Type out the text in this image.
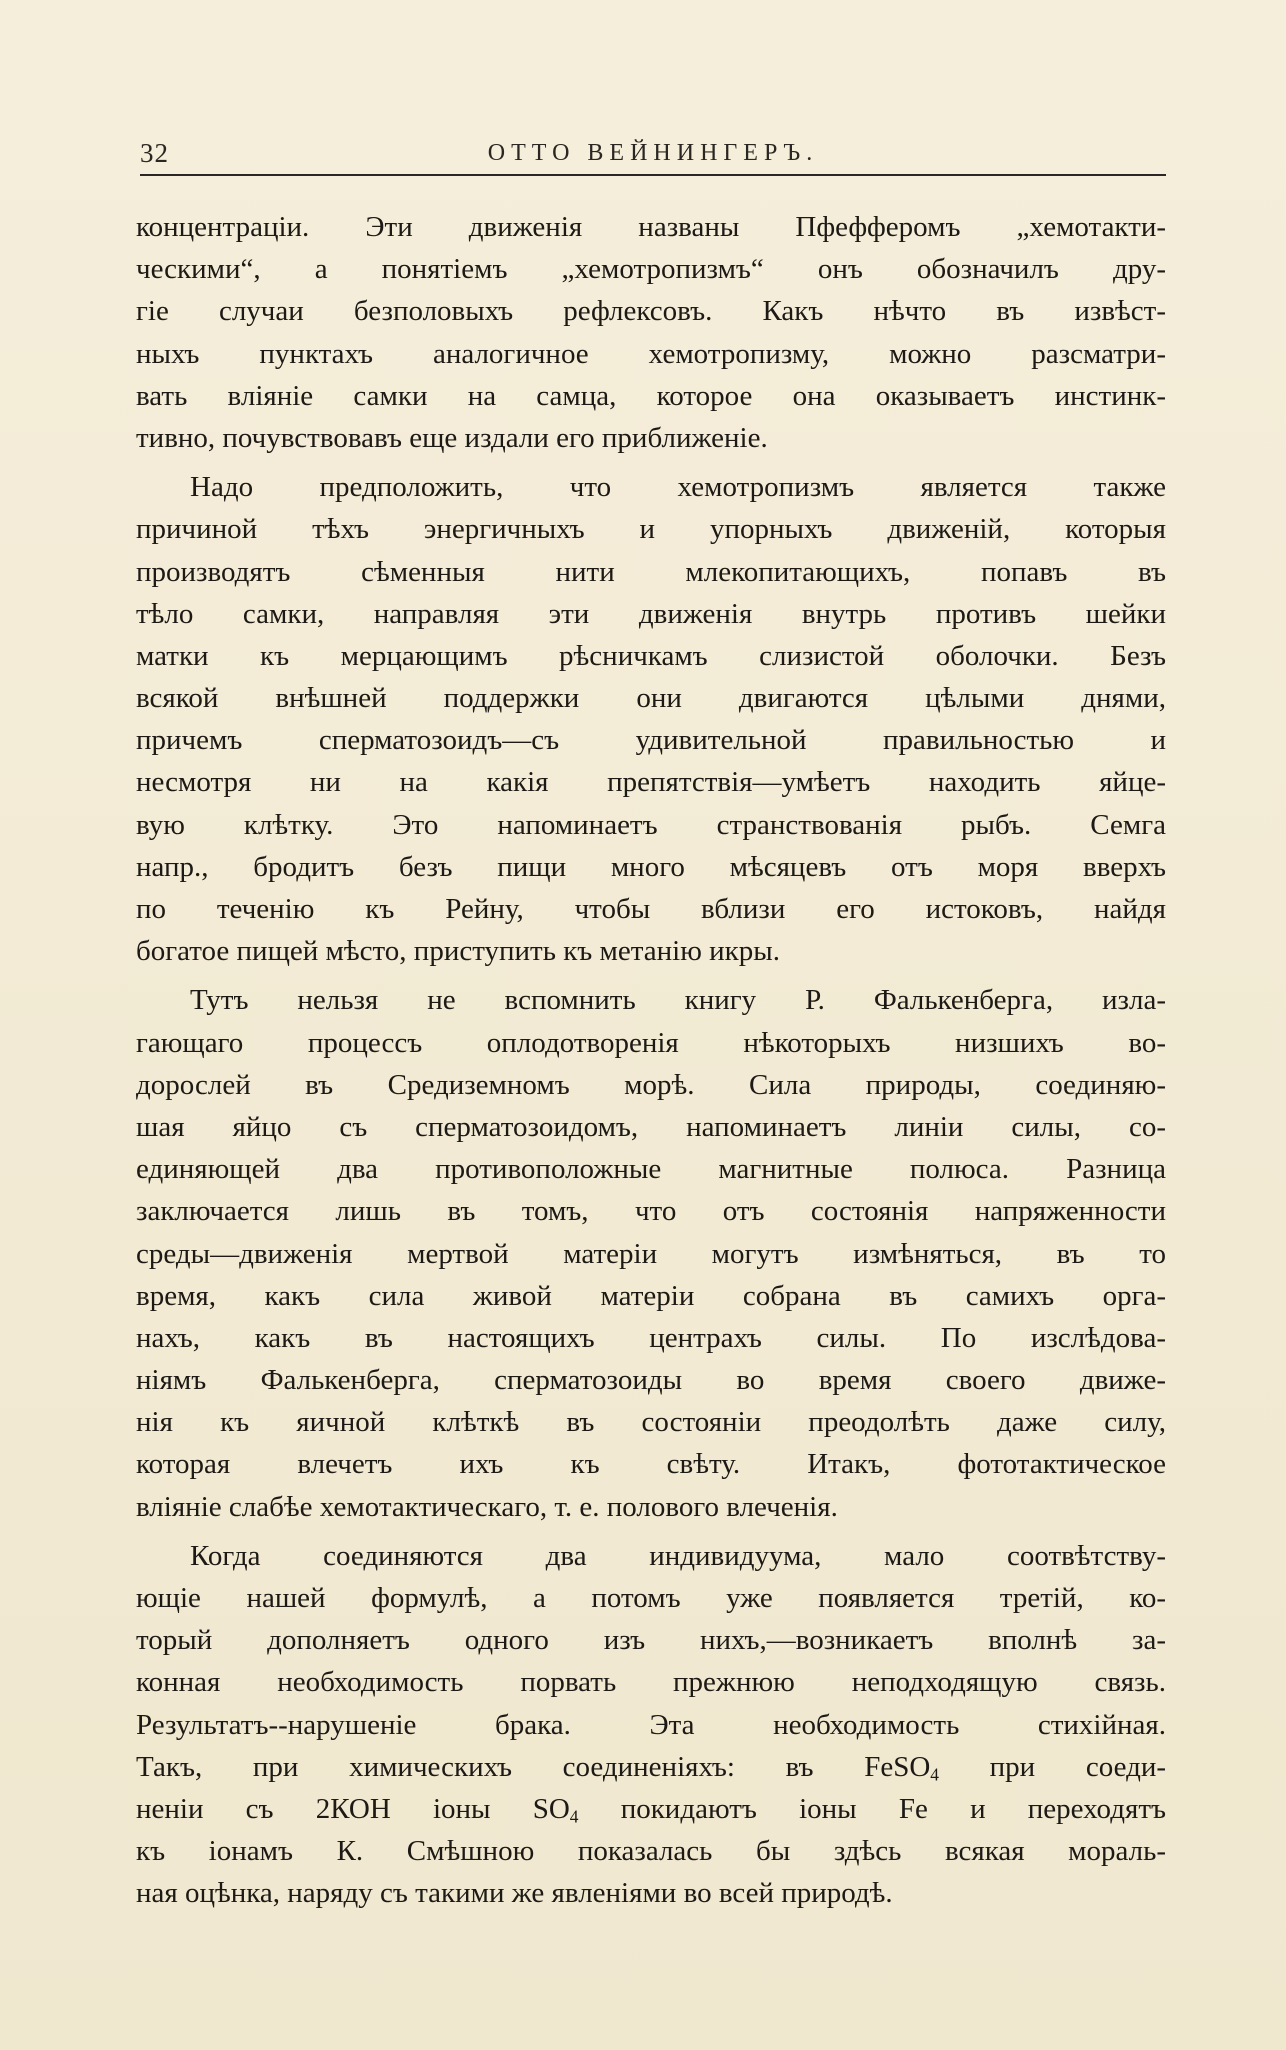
32	ОТТО ВЕЙНИНГЕРЪ.
концентраціи. Эти движенія названы Пфефферомъ „хемотакти-
ческими“, а понятіемъ „хемотропизмъ“ онъ обозначилъ дру-
гіе случаи безполовыхъ рефлексовъ. Какъ нѣчто въ извѣст-
ныхъ пунктахъ аналогичное хемотропизму, можно разсматри-
вать вліяніе самки на самца, которое она оказываетъ инстинк-
тивно, почувствовавъ еще издали его приближеніе.
Надо предположить, что хемотропизмъ является также
причиной тѣхъ энергичныхъ и упорныхъ движеній, которыя
производятъ сѣменныя нити млекопитающихъ, попавъ въ
тѣло самки, направляя эти движенія внутрь противъ шейки
матки къ мерцающимъ рѣсничкамъ слизистой оболочки. Безъ
всякой внѣшней поддержки они двигаются цѣлыми днями,
причемъ сперматозоидъ—съ удивительной правильностью и
несмотря ни на какія препятствія—умѣетъ находить яйце-
вую клѣтку. Это напоминаетъ странствованія рыбъ. Семга
напр., бродитъ безъ пищи много мѣсяцевъ отъ моря вверхъ
по теченію къ Рейну, чтобы вблизи его истоковъ, найдя
богатое пищей мѣсто, приступить къ метанію икры.
Тутъ нельзя не вспомнить книгу Р. Фалькенберга, изла-
гающаго процессъ оплодотворенія нѣкоторыхъ низшихъ во-
дорослей въ Средиземномъ морѣ. Сила природы, соединяю-
шая яйцо съ сперматозоидомъ, напоминаетъ линіи силы, со-
единяющей два противоположные магнитные полюса. Разница
заключается лишь въ томъ, что отъ состоянія напряженности
среды—движенія мертвой матеріи могутъ измѣняться, въ то
время, какъ сила живой матеріи собрана въ самихъ орга-
нахъ, какъ въ настоящихъ центрахъ силы. По изслѣдова-
ніямъ Фалькенберга, сперматозоиды во время своего движе-
нія къ яичной клѣткѣ въ состояніи преодолѣть даже силу,
которая влечетъ ихъ къ свѣту. Итакъ, фототактическое
вліяніе слабѣе хемотактическаго, т. е. полового влеченія.
Когда соединяются два индивидуума, мало соотвѣтству-
ющіе нашей формулѣ, а потомъ уже появляется третій, ко-
торый дополняетъ одного изъ нихъ,—возникаетъ вполнѣ за-
конная необходимость порвать прежнюю неподходящую связь.
Результатъ--нарушеніе брака. Эта необходимость стихійная.
Такъ, при химическихъ соединеніяхъ: въ FeSO$_4$ при соеди-
неніи съ 2КОН іоны $SO_4$ покидаютъ іоны Fe и переходятъ
къ іонамъ К. Смѣшною показалась бы здѣсь всякая мораль-
ная оцѣнка, наряду съ такими же явленіями во всей природѣ.
